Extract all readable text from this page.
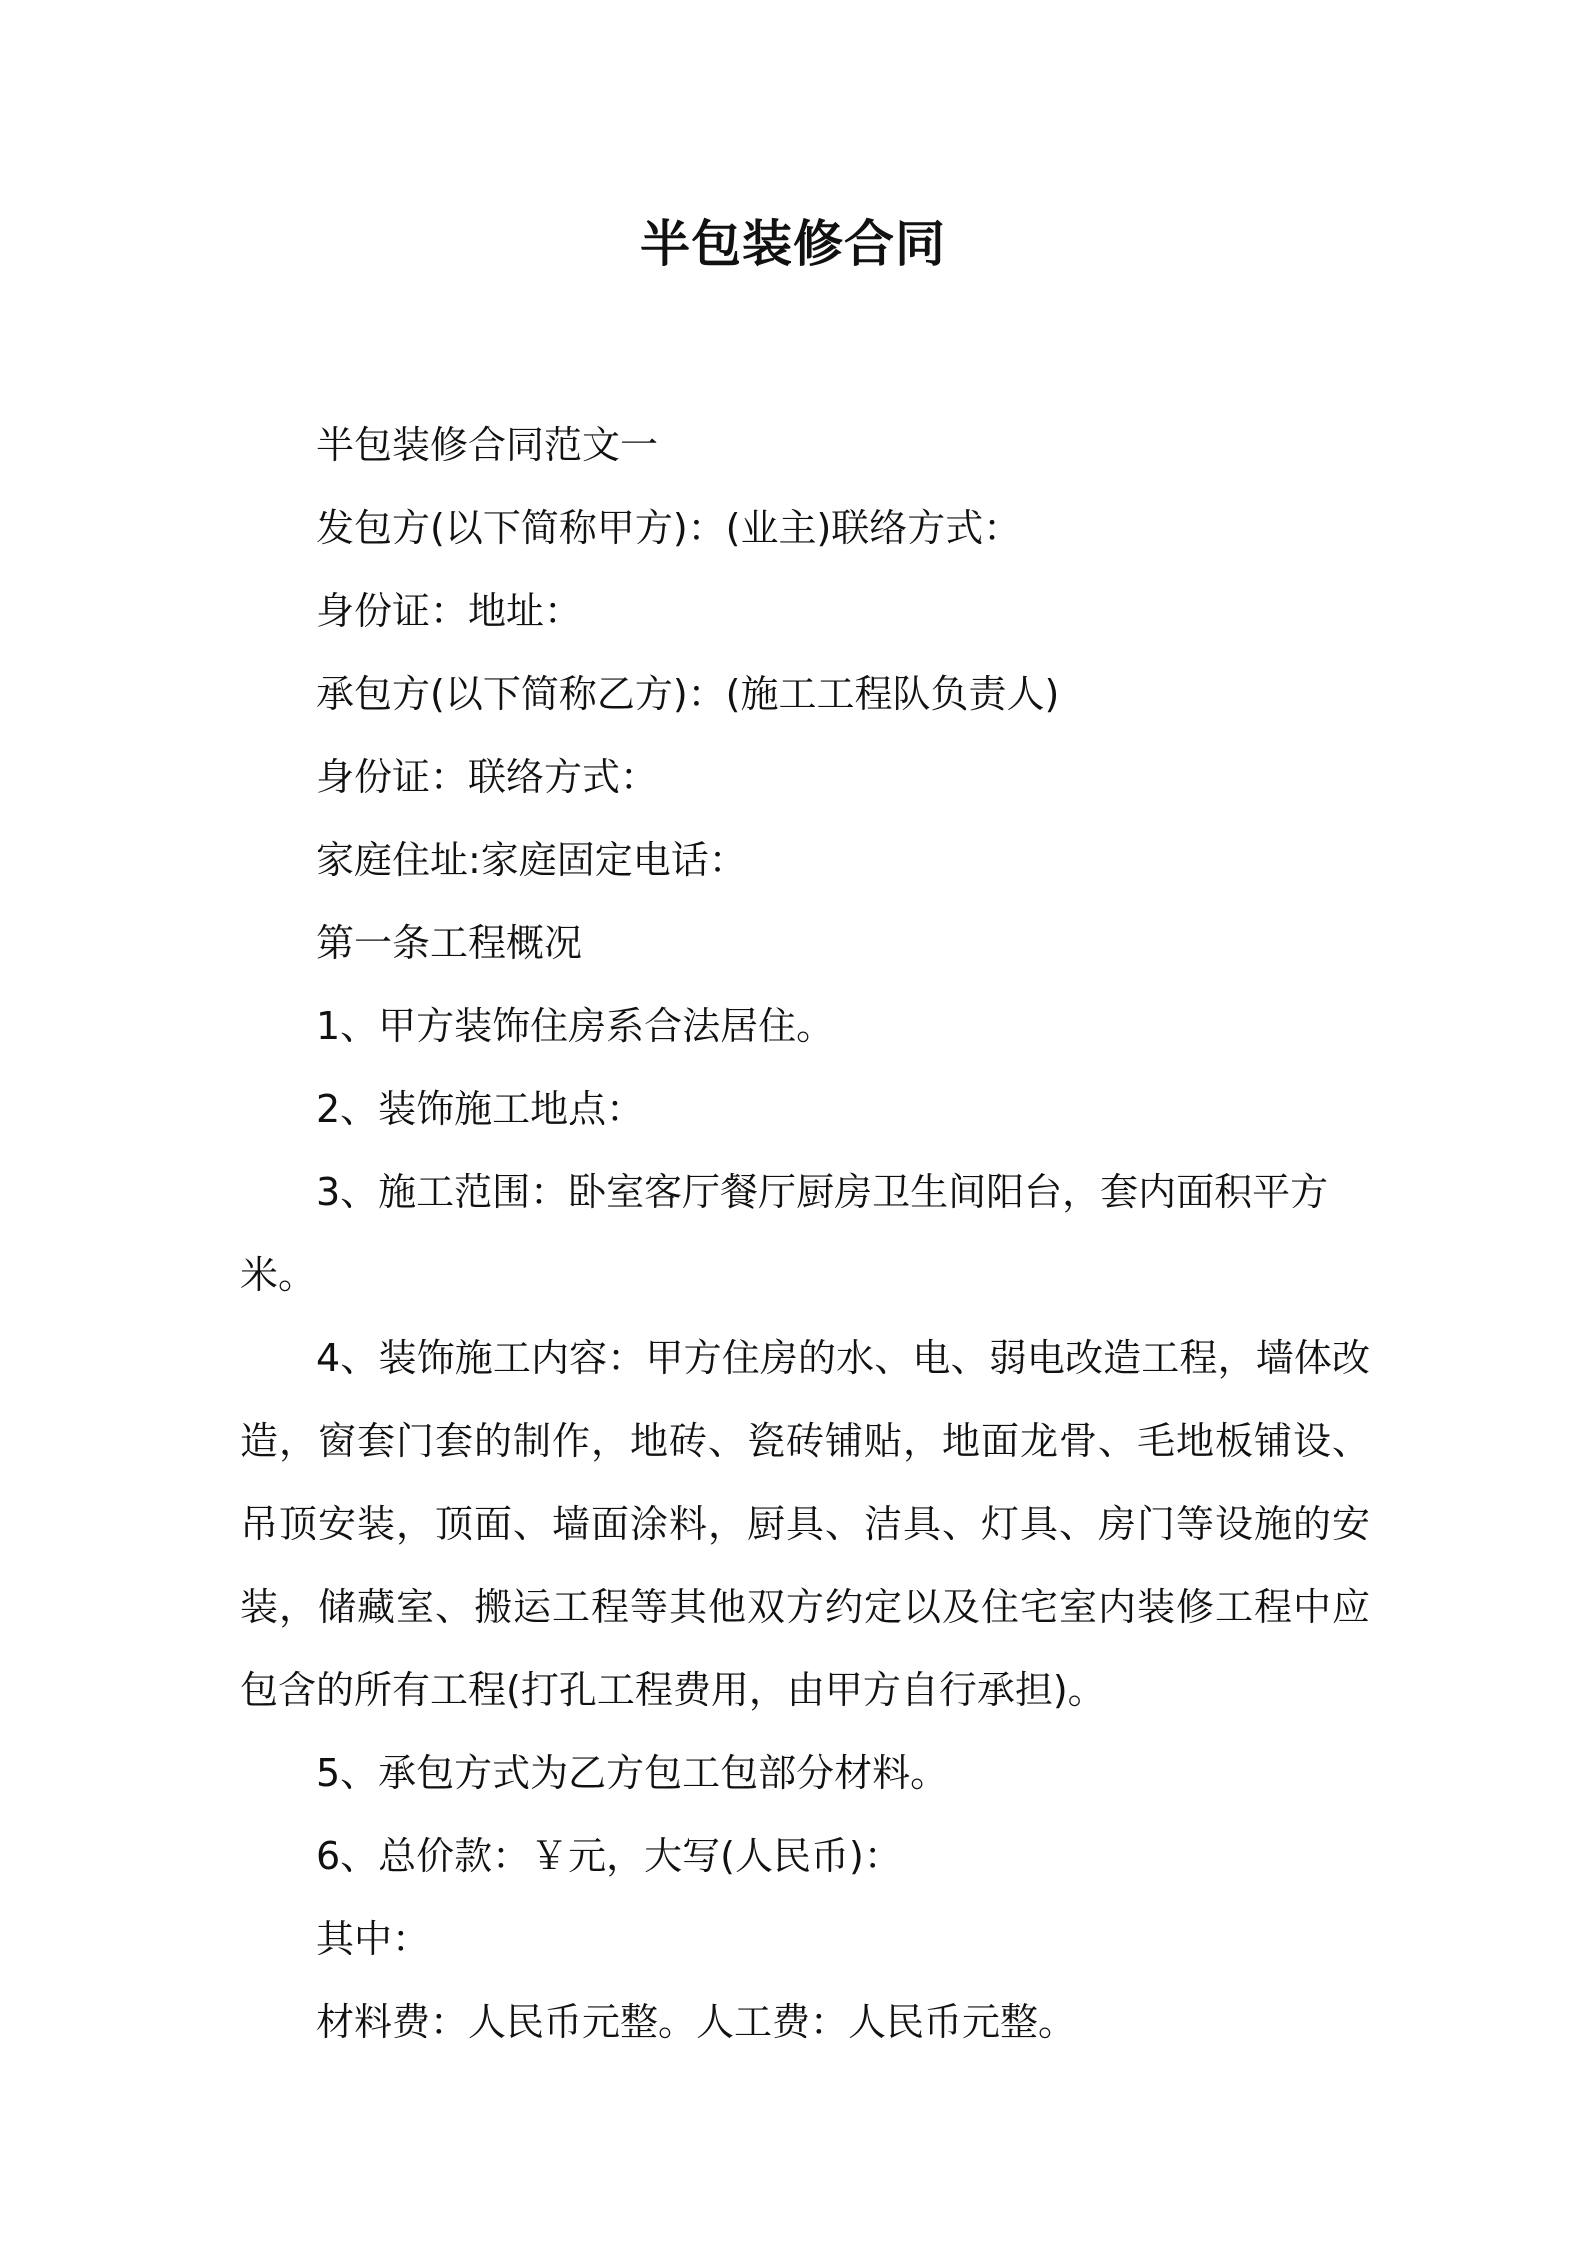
半包装修合同

半包装修合同范文一

发包方(以下简称甲方)：(业主)联络方式：

身份证：地址：

承包方(以下简称乙方)：(施工工程队负责人)

身份证：联络方式：

家庭住址:家庭固定电话：

第一条工程概况

1、甲方装饰住房系合法居住。

2、装饰施工地点：

3、施工范围：卧室客厅餐厅厨房卫生间阳台，套内面积平方米。

4、装饰施工内容：甲方住房的水、电、弱电改造工程，墙体改造，窗套门套的制作，地砖、瓷砖铺贴，地面龙骨、毛地板铺设、吊顶安装，顶面、墙面涂料，厨具、洁具、灯具、房门等设施的安装，储藏室、搬运工程等其他双方约定以及住宅室内装修工程中应包含的所有工程(打孔工程费用，由甲方自行承担)。

5、承包方式为乙方包工包部分材料。

6、总价款：￥元，大写(人民币)：

其中：

材料费：人民币元整。人工费：人民币元整。
